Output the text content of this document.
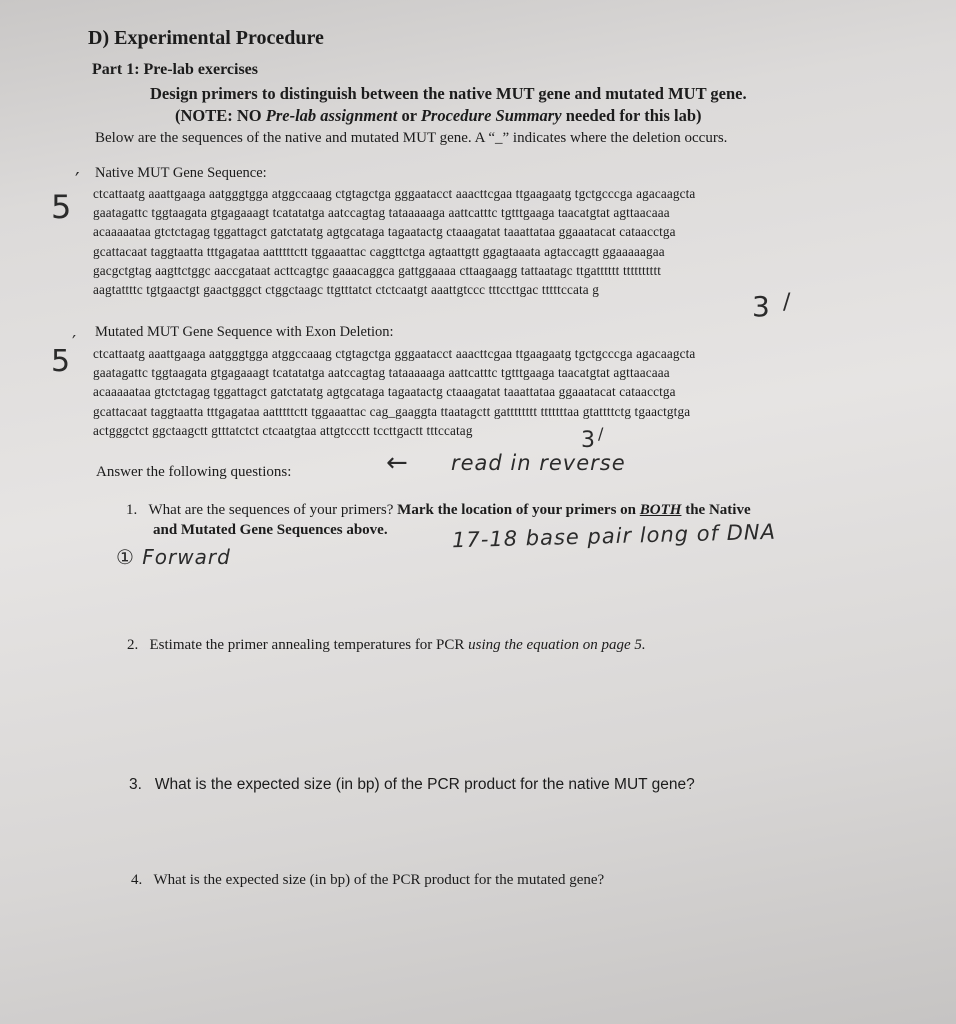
D) Experimental Procedure
Part 1: Pre-lab exercises
Design primers to distinguish between the native MUT gene and mutated MUT gene.
(NOTE: NO Pre-lab assignment or Procedure Summary needed for this lab)
Below are the sequences of the native and mutated MUT gene. A “_” indicates where the deletion occurs.
Native MUT Gene Sequence:
ctcattaatg aaattgaaga aatgggtgga atggccaaag ctgtagctga gggaatacct aaacttcgaa ttgaagaatg tgctgcccga agacaagcta
gaatagattc tggtaagata gtgagaaagt tcatatatga aatccagtag tataaaaaga aattcatttc tgtttgaaga taacatgtat agttaacaaa
acaaaaataa gtctctagag tggattagct gatctatatg agtgcataga tagaatactg ctaaagatat taaattataa ggaaatacat cataacctga
gcattacaat taggtaatta tttgagataa aatttttctt tggaaattac caggttctga agtaattgtt ggagtaaata agtaccagtt ggaaaaagaa
gacgctgtag aagttctggc aaccgataat acttcagtgc gaaacaggca gattggaaaa cttaagaagg tattaatagc ttgatttttt tttttttttt
aagtattttc tgtgaactgt gaactgggct ctggctaagc ttgtttatct ctctcaatgt aaattgtccc tttccttgac tttttccata g
Mutated MUT Gene Sequence with Exon Deletion:
ctcattaatg aaattgaaga aatgggtgga atggccaaag ctgtagctga gggaatacct aaacttcgaa ttgaagaatg tgctgcccga agacaagcta
gaatagattc tggtaagata gtgagaaagt tcatatatga aatccagtag tataaaaaga aattcatttc tgtttgaaga taacatgtat agttaacaaa
acaaaaataa gtctctagag tggattagct gatctatatg agtgcataga tagaatactg ctaaagatat taaattataa ggaaatacat cataacctga
gcattacaat taggtaatta tttgagataa aatttttctt tggaaattac cag_gaaggta ttaatagctt gatttttttt tttttttaa gtattttctg tgaactgtga
actgggctct ggctaagctt gtttatctct ctcaatgtaa attgtccctt tccttgactt tttccatag
Answer the following questions:
1. What are the sequences of your primers? Mark the location of your primers on BOTH the Native
and Mutated Gene Sequences above.
2. Estimate the primer annealing temperatures for PCR using the equation on page 5.
3. What is the expected size (in bp) of the PCR product for the native MUT gene?
4. What is the expected size (in bp) of the PCR product for the mutated gene?
5
′
5
′
3 /
3 /
← read in reverse
17-18 base pair long of DNA
① Forward
